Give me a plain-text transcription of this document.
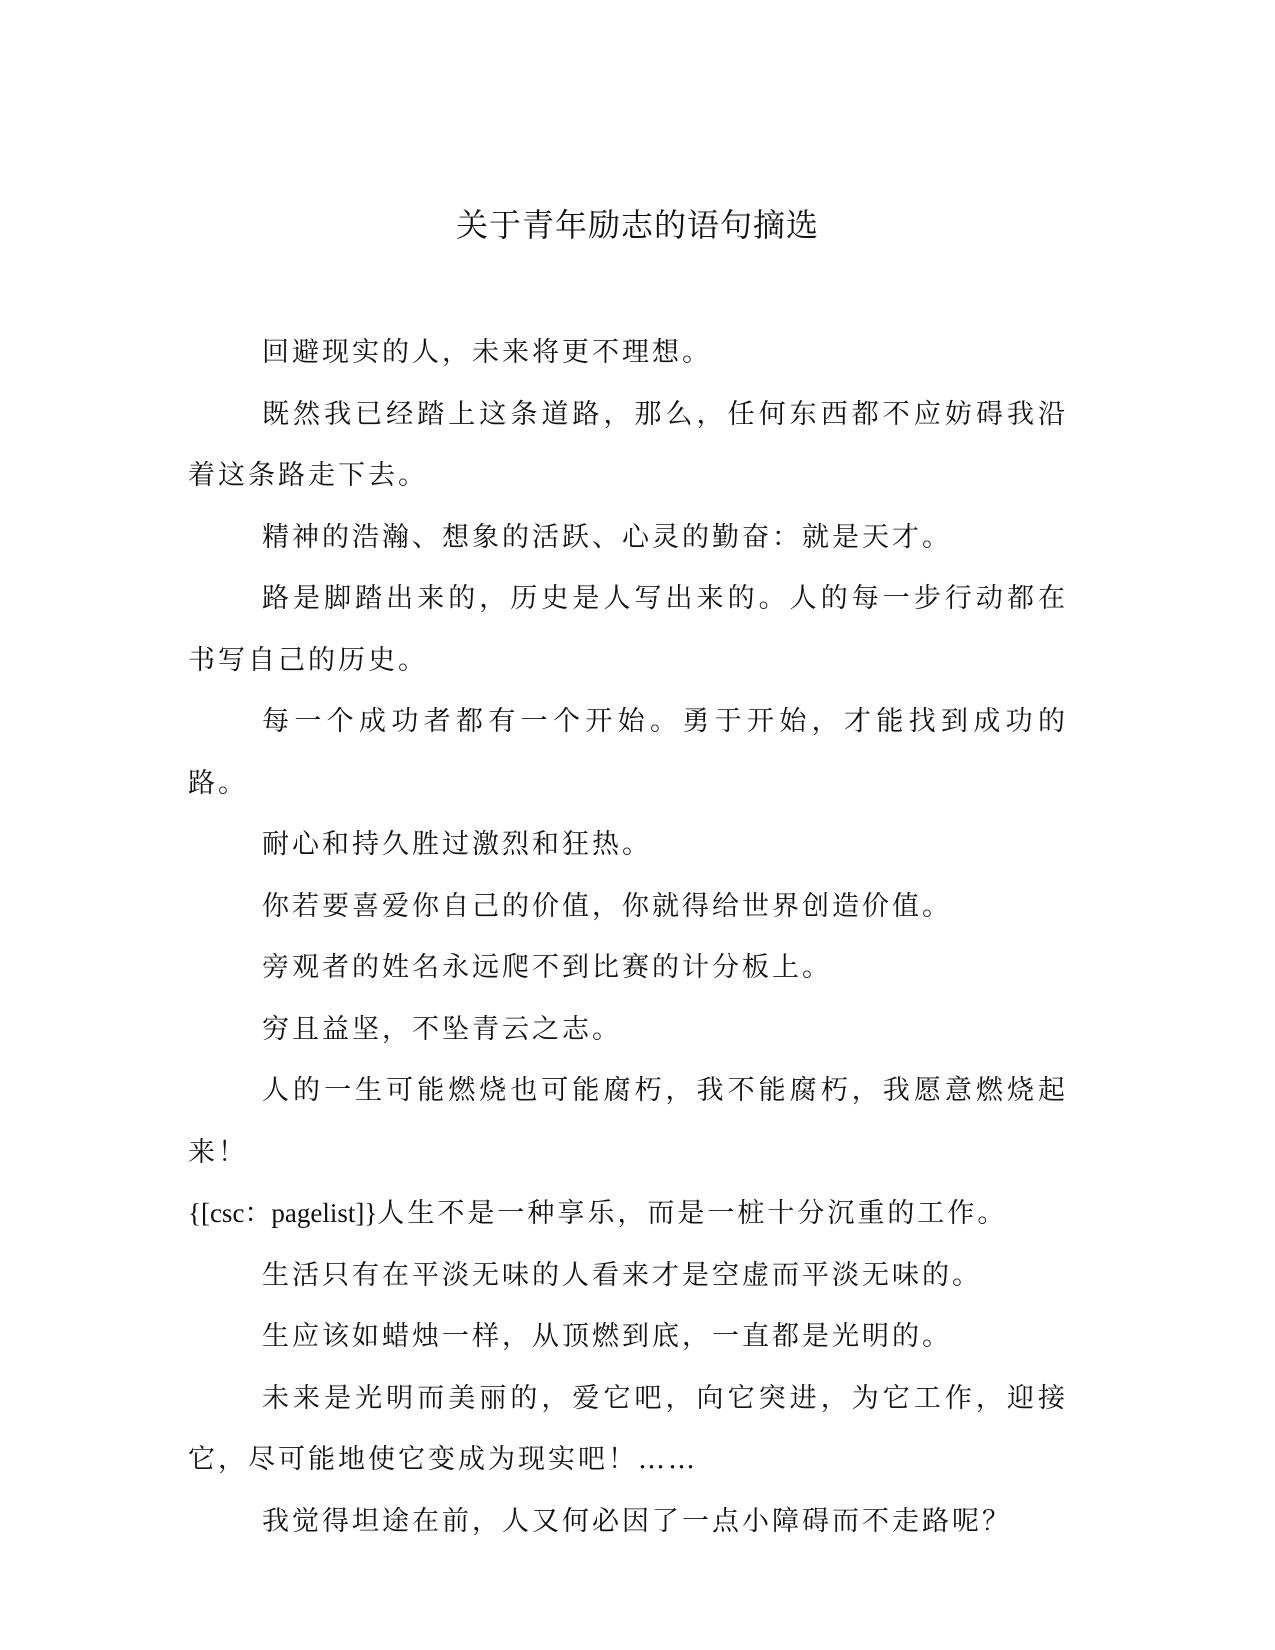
关于青年励志的语句摘选

回避现实的人，未来将更不理想。

既然我已经踏上这条道路，那么，任何东西都不应妨碍我沿着这条路走下去。

精神的浩瀚、想象的活跃、心灵的勤奋：就是天才。

路是脚踏出来的，历史是人写出来的。人的每一步行动都在书写自己的历史。

每一个成功者都有一个开始。勇于开始，才能找到成功的路。

耐心和持久胜过激烈和狂热。

你若要喜爱你自己的价值，你就得给世界创造价值。

旁观者的姓名永远爬不到比赛的计分板上。

穷且益坚，不坠青云之志。

人的一生可能燃烧也可能腐朽，我不能腐朽，我愿意燃烧起来！

{[csc：pagelist]}人生不是一种享乐，而是一桩十分沉重的工作。

生活只有在平淡无味的人看来才是空虚而平淡无味的。

生应该如蜡烛一样，从顶燃到底，一直都是光明的。

未来是光明而美丽的，爱它吧，向它突进，为它工作，迎接它，尽可能地使它变成为现实吧！……

我觉得坦途在前，人又何必因了一点小障碍而不走路呢？
